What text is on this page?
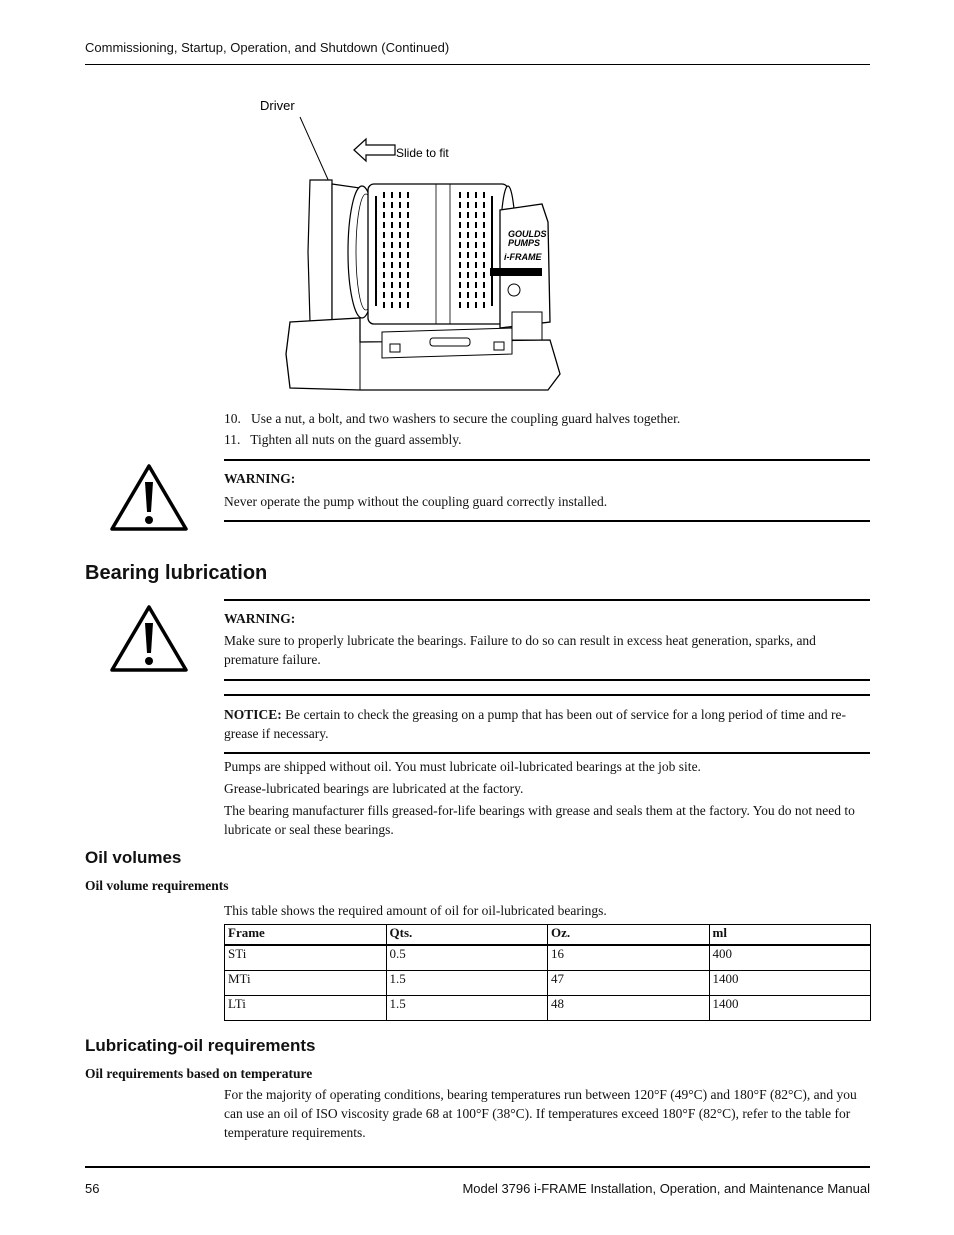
Commissioning, Startup, Operation, and Shutdown (Continued)
Driver
Slide to fit
GOULDS
PUMPS
i-FRAME
10. Use a nut, a bolt, and two washers to secure the coupling guard halves together.
11. Tighten all nuts on the guard assembly.
WARNING:
Never operate the pump without the coupling guard correctly installed.
Bearing lubrication
WARNING:
Make sure to properly lubricate the bearings. Failure to do so can result in excess heat generation, sparks, and premature failure.
NOTICE: Be certain to check the greasing on a pump that has been out of service for a long period of time and re-grease if necessary.
Pumps are shipped without oil. You must lubricate oil-lubricated bearings at the job site.
Grease-lubricated bearings are lubricated at the factory.
The bearing manufacturer fills greased-for-life bearings with grease and seals them at the factory. You do not need to lubricate or seal these bearings.
Oil volumes
Oil volume requirements
This table shows the required amount of oil for oil-lubricated bearings.
Frame	Qts.	Oz.	ml
STi	0.5	16	400
MTi	1.5	47	1400
LTi	1.5	48	1400
Lubricating-oil requirements
Oil requirements based on temperature
For the majority of operating conditions, bearing temperatures run between 120°F (49°C) and 180°F (82°C), and you can use an oil of ISO viscosity grade 68 at 100°F (38°C). If temperatures exceed 180°F (82°C), refer to the table for temperature requirements.
56	Model 3796 i-FRAME Installation, Operation, and Maintenance Manual
